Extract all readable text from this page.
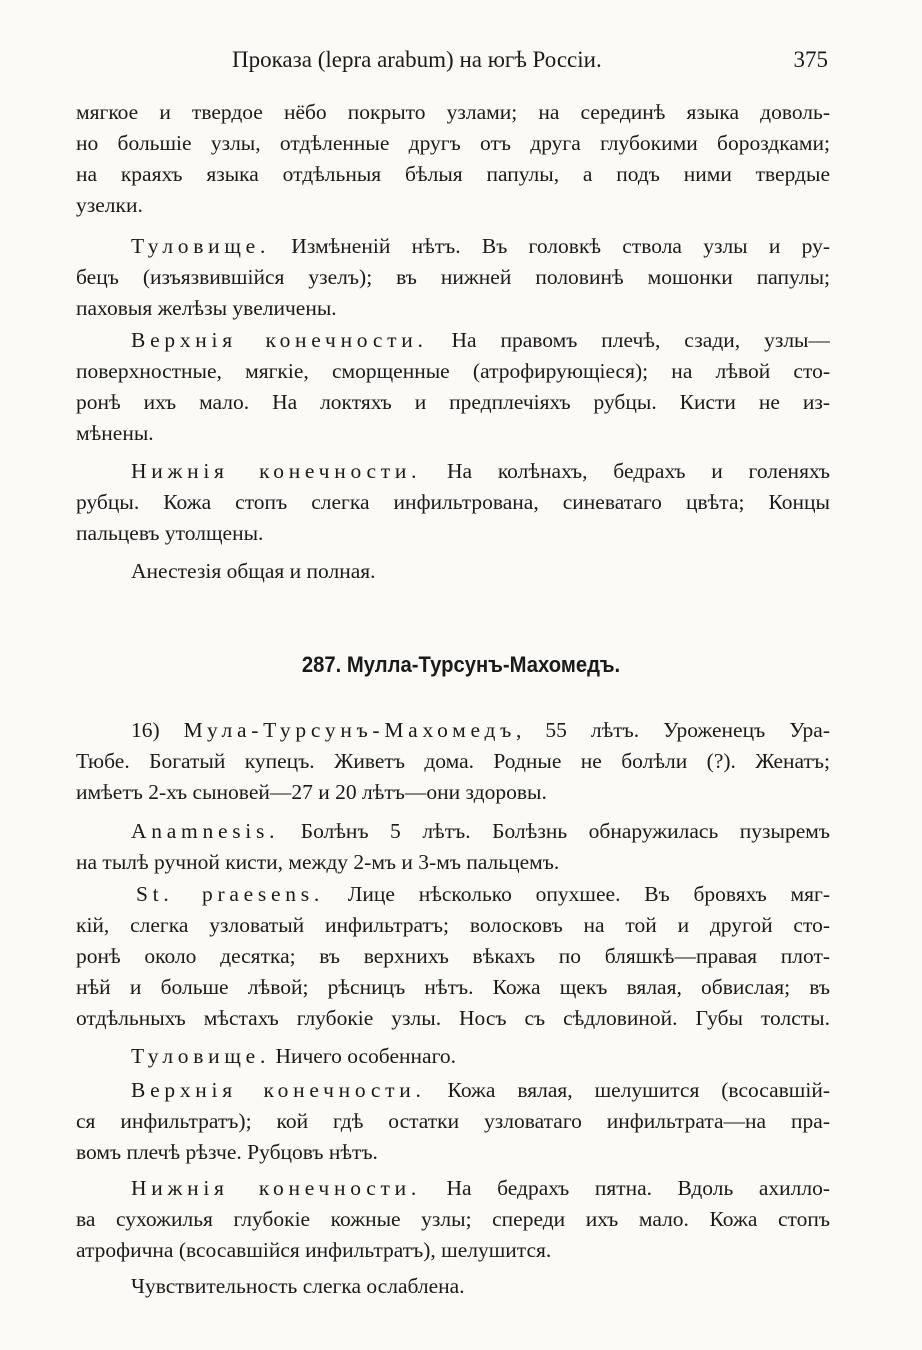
Проказа (lepra arabum) на югѣ Россіи.	375
мягкое и твердое нёбо покрыто узлами; на серединѣ языка доволь-
но большіе узлы, отдѣленные другъ отъ друга глубокими бороздками;
на краяхъ языка отдѣльныя бѣлыя папулы, а подъ ними твердые
узелки.
Туловище. Измѣненій нѣтъ. Въ головкѣ ствола узлы и ру-
бецъ (изъязвившійся узелъ); въ нижней половинѣ мошонки папулы;
паховыя желѣзы увеличены.
Верхнія конечности. На правомъ плечѣ, сзади, узлы—
поверхностные, мягкіе, сморщенные (атрофирующіеся); на лѣвой сто-
ронѣ ихъ мало. На локтяхъ и предплечіяхъ рубцы. Кисти не из-
мѣнены.
Нижнія конечности. На колѣнахъ, бедрахъ и голеняхъ
рубцы. Кожа стопъ слегка инфильтрована, синеватаго цвѣта; Концы
пальцевъ утолщены.
Анестезія общая и полная.
287. Мулла-Турсунъ-Махомедъ.
16) Мула-Турсунъ-Махомедъ, 55 лѣтъ. Уроженецъ Ура-
Тюбе. Богатый купецъ. Живетъ дома. Родные не болѣли (?). Женатъ;
имѣетъ 2-хъ сыновей—27 и 20 лѣтъ—они здоровы.
Anamnesis. Болѣнъ 5 лѣтъ. Болѣзнь обнаружилась пузыремъ
на тылѣ ручной кисти, между 2-мъ и 3-мъ пальцемъ.
St. praesens. Лице нѣсколько опухшее. Въ бровяхъ мяг-
кій, слегка узловатый инфильтратъ; волосковъ на той и другой сто-
ронѣ около десятка; въ верхнихъ вѣкахъ по бляшкѣ—правая плот-
нѣй и больше лѣвой; рѣсницъ нѣтъ. Кожа щекъ вялая, обвислая; въ
отдѣльныхъ мѣстахъ глубокіе узлы. Носъ съ сѣдловиной. Губы толсты.
Туловище. Ничего особеннаго.
Верхнія конечности. Кожа вялая, шелушится (всосавшій-
ся инфильтратъ); кой гдѣ остатки узловатаго инфильтрата—на пра-
вомъ плечѣ рѣзче. Рубцовъ нѣтъ.
Нижнія конечности. На бедрахъ пятна. Вдоль ахилло-
ва сухожилья глубокіе кожные узлы; спереди ихъ мало. Кожа стопъ
атрофична (всосавшійся инфильтратъ), шелушится.
Чувствительность слегка ослаблена.
